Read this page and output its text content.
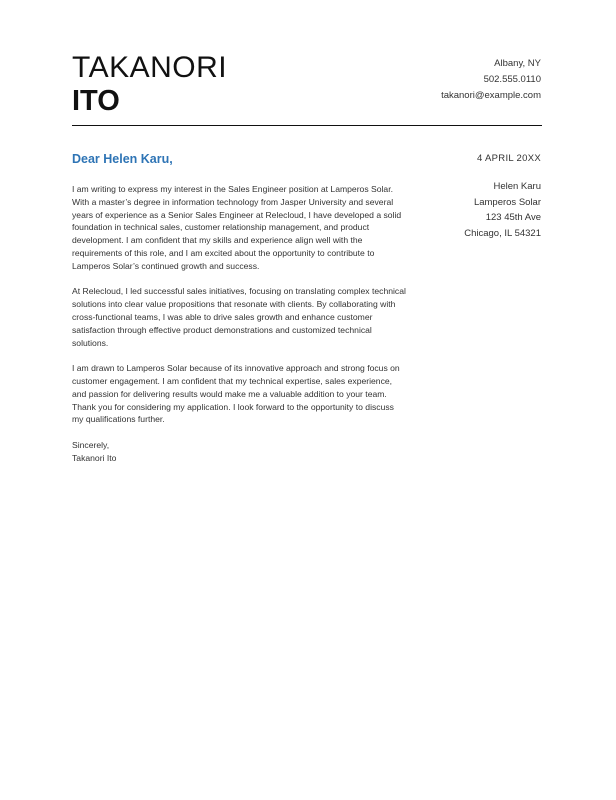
TAKANORI
ITO
Albany, NY
502.555.0110
takanori@example.com
Dear Helen Karu,	4 APRIL 20XX
Helen Karu
Lamperos Solar
123 45th Ave
Chicago, IL 54321

I am writing to express my interest in the Sales Engineer position at Lamperos Solar. With a master’s degree in information technology from Jasper University and several years of experience as a Senior Sales Engineer at Relecloud, I have developed a solid foundation in technical sales, customer relationship management, and product development. I am confident that my skills and experience align well with the requirements of this role, and I am excited about the opportunity to contribute to Lamperos Solar’s continued growth and success.

At Relecloud, I led successful sales initiatives, focusing on translating complex technical solutions into clear value propositions that resonate with clients. By collaborating with cross-functional teams, I was able to drive sales growth and enhance customer satisfaction through effective product demonstrations and customized technical solutions.

I am drawn to Lamperos Solar because of its innovative approach and strong focus on customer engagement. I am confident that my technical expertise, sales experience, and passion for delivering results would make me a valuable addition to your team. Thank you for considering my application. I look forward to the opportunity to discuss my qualifications further.

Sincerely,
Takanori Ito
